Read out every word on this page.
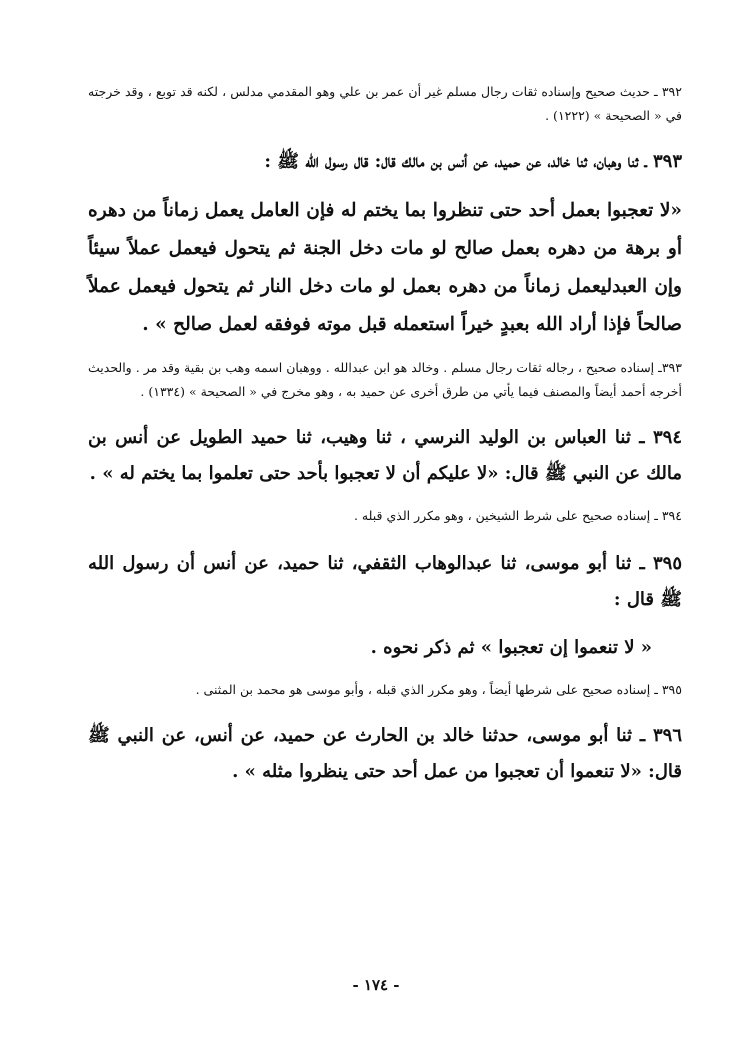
٣٩٢ ـ حديث صحيح وإسناده ثقات رجال مسلم غير أن عمر بن علي وهو المقدمي مدلس ، لكنه قد توبع ، وقد خرجته في « الصحيحة » (١٢٢٢) .

٣٩٣ ـ ثنا وهبان، ثنا خالد، عن حميد، عن أنس بن مالك قال: قال رسول الله ﷺ :

«لا تعجبوا بعمل أحد حتى تنظروا بما يختم له فإن العامل يعمل زماناً من دهره أو برهة من دهره بعمل صالح لو مات دخل الجنة ثم يتحول فيعمل عملاً سيئاً وإن العبدليعمل زماناً من دهره بعمل لو مات دخل النار ثم يتحول فيعمل عملاً صالحاً فإذا أراد الله بعبدٍ خيراً استعمله قبل موته فوفقه لعمل صالح » .

٣٩٣ـ إسناده صحيح ، رجاله ثقات رجال مسلم . وخالد هو ابن عبدالله . ووهبان اسمه وهب بن بقية وقد مر . والحديث أخرجه أحمد أيضاً والمصنف فيما يأتي من طرق أخرى عن حميد به ، وهو مخرج في « الصحيحة » (١٣٣٤) .

٣٩٤ ـ ثنا العباس بن الوليد النرسي ، ثنا وهيب، ثنا حميد الطويل عن أنس بن مالك عن النبي ﷺ قال: «لا عليكم أن لا تعجبوا بأحد حتى تعلموا بما يختم له » .

٣٩٤ ـ إسناده صحيح على شرط الشيخين ، وهو مكرر الذي قبله .

٣٩٥ ـ ثنا أبو موسى، ثنا عبدالوهاب الثقفي، ثنا حميد، عن أنس أن رسول الله ﷺ قال :

« لا تنعموا إن تعجبوا » ثم ذكر نحوه .

٣٩٥ ـ إسناده صحيح على شرطها أيضاً ، وهو مكرر الذي قبله ، وأبو موسى هو محمد بن المثنى .

٣٩٦ ـ ثنا أبو موسى، حدثنا خالد بن الحارث عن حميد، عن أنس، عن النبي ﷺ قال: «لا تنعموا أن تعجبوا من عمل أحد حتى ينظروا مثله » .

- ١٧٤ -
